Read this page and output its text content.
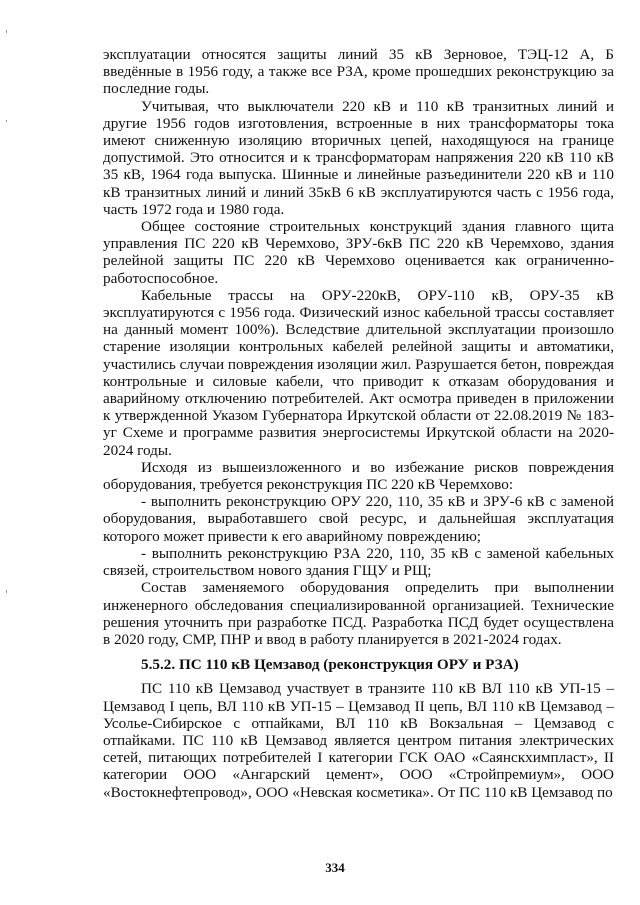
эксплуатации относятся защиты линий 35 кВ Зерновое, ТЭЦ-12 А, Б введённые в 1956 году, а также все РЗА, кроме прошедших реконструкцию за последние годы.

Учитывая, что выключатели 220 кВ и 110 кВ транзитных линий и другие 1956 годов изготовления, встроенные в них трансформаторы тока имеют сниженную изоляцию вторичных цепей, находящуюся на границе допустимой. Это относится и к трансформаторам напряжения 220 кВ 110 кВ 35 кВ, 1964 года выпуска. Шинные и линейные разъединители 220 кВ и 110 кВ транзитных линий и линий 35кВ 6 кВ эксплуатируются часть с 1956 года, часть 1972 года и 1980 года.

Общее состояние строительных конструкций здания главного щита управления ПС 220 кВ Черемхово, ЗРУ-6кВ ПС 220 кВ Черемхово, здания релейной защиты ПС 220 кВ Черемхово оценивается как ограниченно-работоспособное.

Кабельные трассы на ОРУ-220кВ, ОРУ-110 кВ, ОРУ-35 кВ эксплуатируются с 1956 года. Физический износ кабельной трассы составляет на данный момент 100%). Вследствие длительной эксплуатации произошло старение изоляции контрольных кабелей релейной защиты и автоматики, участились случаи повреждения изоляции жил. Разрушается бетон, повреждая контрольные и силовые кабели, что приводит к отказам оборудования и аварийному отключению потребителей. Акт осмотра приведен в приложении к утвержденной Указом Губернатора Иркутской области от 22.08.2019 № 183-уг Схеме и программе развития энергосистемы Иркутской области на 2020-2024 годы.

Исходя из вышеизложенного и во избежание рисков повреждения оборудования, требуется реконструкция ПС 220 кВ Черемхово:

- выполнить реконструкцию ОРУ 220, 110, 35 кВ и ЗРУ-6 кВ с заменой оборудования, выработавшего свой ресурс, и дальнейшая эксплуатация которого может привести к его аварийному повреждению;

- выполнить реконструкцию РЗА 220, 110, 35 кВ с заменой кабельных связей, строительством нового здания ГЩУ и РЩ;

Состав заменяемого оборудования определить при выполнении инженерного обследования специализированной организацией. Технические решения уточнить при разработке ПСД. Разработка ПСД будет осуществлена в 2020 году, СМР, ПНР и ввод в работу планируется в 2021-2024 годах.

5.5.2. ПС 110 кВ Цемзавод (реконструкция ОРУ и РЗА)

ПС 110 кВ Цемзавод участвует в транзите 110 кВ ВЛ 110 кВ УП-15 – Цемзавод I цепь, ВЛ 110 кВ УП-15 – Цемзавод II цепь, ВЛ 110 кВ Цемзавод – Усолье-Сибирское с отпайками, ВЛ 110 кВ Вокзальная – Цемзавод с отпайками. ПС 110 кВ Цемзавод является центром питания электрических сетей, питающих потребителей I категории ГСК ОАО «Саянскхимпласт», II категории ООО «Ангарский цемент», ООО «Стройпремиум», ООО «Востокнефтепровод», ООО «Невская косметика». От ПС 110 кВ Цемзавод по

334
